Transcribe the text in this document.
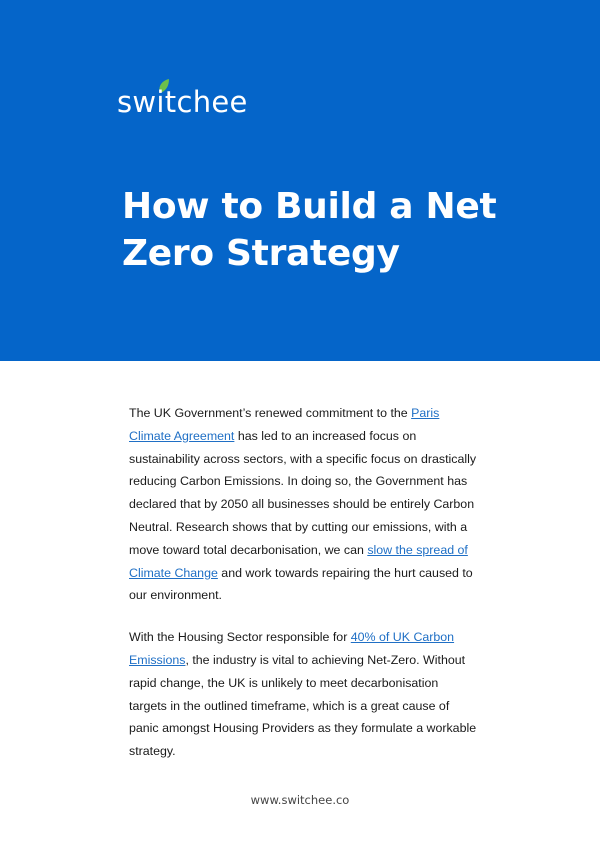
switchee
How to Build a Net Zero Strategy

The UK Government’s renewed commitment to the Paris Climate Agreement has led to an increased focus on sustainability across sectors, with a specific focus on drastically reducing Carbon Emissions. In doing so, the Government has declared that by 2050 all businesses should be entirely Carbon Neutral. Research shows that by cutting our emissions, with a move toward total decarbonisation, we can slow the spread of Climate Change and work towards repairing the hurt caused to our environment.

With the Housing Sector responsible for 40% of UK Carbon Emissions, the industry is vital to achieving Net-Zero. Without rapid change, the UK is unlikely to meet decarbonisation targets in the outlined timeframe, which is a great cause of panic amongst Housing Providers as they formulate a workable strategy.

www.switchee.co
